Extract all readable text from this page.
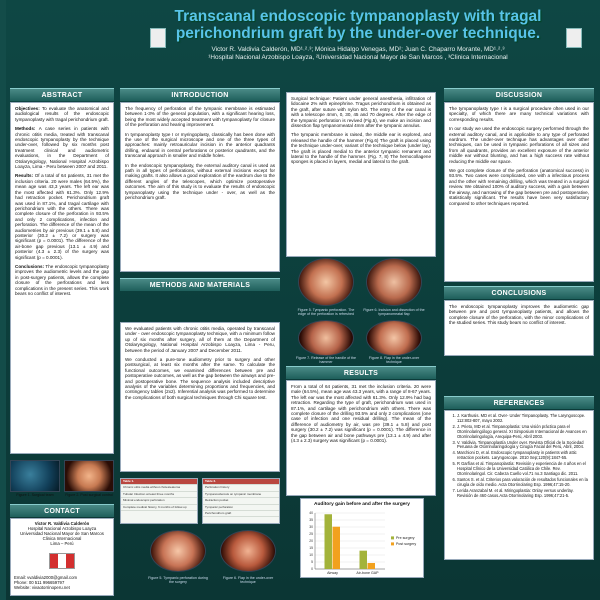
Transcanal endoscopic tympanoplasty with tragal perichondrium graft by the under-over technique.
Victor R. Valdivia Calderón, MD¹˒²˒³; Mónica Hidalgo Venegas, MD²; Juan C. Chaparro Morante, MD¹˒²˒³
¹Hospital Nacional Arzobispo Loayza, ²Universidad Nacional Mayor de San Marcos , ³Clinica Internacional
ABSTRACT

Objectives: To evaluate the anatomical and audiological results of the endoscopic tympanoplasty with tragal perichondrium graft.

Methods: A case series in patients with chronic otitis media, treated with transcanal endoscopic tympanoplasty by the technique under-over, followed by six months post treatment clinical and audiometric evaluations, in the Department of Otolaryngology, National Hospital Arzobispo Loayza, Lima - Peru between 2007 and 2011.

Results: Of a total of 64 patients, 31 met the inclusion criteria. 20 were males (64.5%), the mean age was 43,3 years. The left ear was the most affected with 61.3%. Only 12.9% had retraction pocket. Perichondrium graft was used in 87.1%, and tragal cartilage with perichondrium with the others. There was complete closure of the perforation in 93.5% and only 2 complications, infection and perforation. The difference of the mean of the audiometries by air previous (39.1 ± 5.8) and posterior (30.2 ± 7.2) or surgery was significant (p = 0.0001). The difference of the air-bone gap previous (13.1 ± 4.9) and posterior (4.3 ± 2.3) of the surgery was significant (p = 0.0001).

Conclusions: The endoscopic tympanoplasty improves the audiometric levels and the gap in post-surgery patients, allows the complete closure of the perforations and less complications in the present series. This work bears no conflict of interest.

Figure 1. Surgical team	Figure 2. Post surgical control
CONTACT
Victor R. Valdivia Calderón
Hospital Nacional Arzobispo Loayza
Universidad Nacional Mayor de San Marcos
Clinica Internacional
Lima – Perú
Email: vvaldivia2000@gmail.com
Phone: 00 511 996659797
Website: vivaotorrinoperu.net
INTRODUCTION

The frequency of perforation of the tympanic membrane is estimated between 1-3% of the general population, with a significant hearing loss, being the most widely accepted treatment with tympanoplasty for closure of the perforation and hearing improvement.

In tympanoplasty type I or myringoplasty, classically has been done with the use of the surgical microscope and one of the three types of approaches: mainly retroauricular incision in the anterior quadrants drilling, endaural in central perforations or posterior quadrants, and the transcanal approach in smaller and middle holes.

In the endoscopic tympanoplasty, the external auditory canal is used as path in all types of perforations, without external incisions except for making grafts. It also allows a good exploration of the eardrum due to the different angles of the telescopes, which optimize postoperative outcomes. The aim of this study is to evaluate the results of endoscopic tympanoplasty using the technique under - over, as well as the perichondrium graft.

METHODS AND MATERIALS

We evaluated patients with chronic otitis media, operated by transcanal under - over endoscopic tympanoplasty technique, with a minimum follow up of six months after surgery, all of them at the Department of Otolaryngology, National Hospital Arzobispo Loayza, Lima - Peru, between the period of January 2007 and December 2011.

We conducted a pure-tone audiometry prior to surgery and other postsurgical, at least six months after the same. To calculate the functional outcomes, we examined differences between pre and postoperative outcomes, as well as the gap between the airways and pre-and postoperative bone. The sequence analysis included descriptive analysis of the variables determining proportions and frequencies, and contingency tables (2x2). Inferential analysis was performed to determine the complications of both surgical techniques through Chi square test.

Table 1.
Chronic otitis media without cholesteatoma
Tubular Infection at least three months
Minimal endoscopic perforation
Complete medical history, 6 months of follow-up
Table 2.
Perforation history
Tympanosclerosis on tympanic membrane
Retraction pocket
Tympanic perforation
Perichondrium graft
Figure 5. Tympanic perforation during the surgery
Figure 6. Flap in the under-over technique

Surgical technique: Patient under general anesthesia, infiltration of lidocaine 2% with epinephrine. Tragus perichondrium is obtained as the graft, after suture with nylon 6/0. The entry of the ear canal is with a telescope 4mm, 0, 30, 45 and 70 degrees. After the edge of the tympanic perforation is revived (Fig.5), we make an incision and dissection flap tympanomeatal 4mm after the tympanic annulus.

The tympanic membrane is raised, the middle ear is explored, and released the handle of the hammer (Fig.6) The graft is placed using the technique under-over, variant of the technique below (under lay). The graft is placed medial to the anterior tympanic remanent and lateral to the handle of the hammer. (Fig. 7, 8) The hemocollagene sponges is placed in layers, medial and lateral to the graft.

Figure 5. Tympanic perforation. The edge of the perforation is refreshed
Figure 6. Incision and dissection of the tympanomeatal flap
Figure 7. Release of the handle of the hammer
Figure 8. Flap in the under-over technique
RESULTS

From a total of 64 patients, 31 met the inclusion criteria. 20 were male (64.5%), mean age was 43.3 years, with a range of 8-67 years. The left ear was the most affected with 61.3%. Only 12.9% had bag retraction. Regarding the type of graft, perichondrium was used in 87.1%, and cartilage with perichondrium with others. There was complete closure of the drilling 93.5% and only 2 complications (one case of infection and one residual drilling). The mean of the difference of audiometry by air, was pre (39.1 ± 5.8) and post surgery (30.2 ± 7.2) was significant (p = 0.0001). The difference in the gap between air and bone pathways pre (13.1 ± 4.9) and after (4.3 ± 2.3) surgery was significant (p = 0.0001).

Auditory gain before and after the surgery
0
5
10
15
20
25
30
35
40
Airway	Air-bone GAP
Pre surgery
Post surgery
DISCUSSION

The tympanoplasty type I is a surgical procedure often used in our specialty, of which there are many technical variations with corresponding results.

In our study we used the endoscopic surgery performed through the external auditory canal, and is applicable to any type of perforated eardrum. The under-over technique has advantages over other techniques, can be used in tympanic perforations of all sizes and from all quadrants, provides an excellent exposure of the anterior middle ear without blunting, and has a high success rate without reducing the middle ear space.

We got complete closure of the perforation (anatomical success) in 93.5%. Two cases were complicated, one with a infectious process and the other with remaining drilling, which was treated in a surgical review. We obtained 100% of auditory success, with a gain between the airway, and narrowing of the gap between pre and postoperative, statistically significant. The results have been very satisfactory compared to other techniques reported.

CONCLUSIONS

The endoscopic tympanoplasty improves the audiometric gap between pre and post tympanoplasty patients, and allows the complete closure of the perforation, with the minor complications of the studied series. This study bears no conflict of interest.

REFERENCES
1. J. Karthusis. MD et al. Over- Under Timpanoplasty. The Laryngoscope. 112:802-807, mayo 2002.
2. J. Prieto, MD et al. Timpanoplastia: Una visión práctica para el Otorrinolaringólogo general. XI Simposium Internacional de Avances en Otorrinolaringología, Arequipa-Perú, Abril 2003.
3. V. Valdivia. Timpanoplastía Under over. Revista Oficial de la Sociedad Peruana de Otorrinolaringología y Cirugía Facial del Perú, Abril, 2004.
4. Marchioni D, et al. Endoscopic tympanoplasty in patients with attic retraction pockets. Laryngoscope. 2010 Sep;120(9):1847-55.
5. R Garfías et al. Timpanoplastía: Revisión y experiencia de 4 años en el Hospital Clínico de la Universidad Católica de Chile. Rev. Otorrinolaringol. Cir. Cabeza Cuello vol.71 no.3 Santiago dic. 2011.
6. Santos S. et al. Criterios para valoración de resultados funcionales en la cirugía de oído medio. Acta Otorrinolaring Esp. 1996;47:15-20.
7. Lerida Aranzabal M. et al. Miringoplastia: Onlay versus underlay. Revisión de 460 casos.Acta Otorrinolaring Esp. 1996;47:21-5.
